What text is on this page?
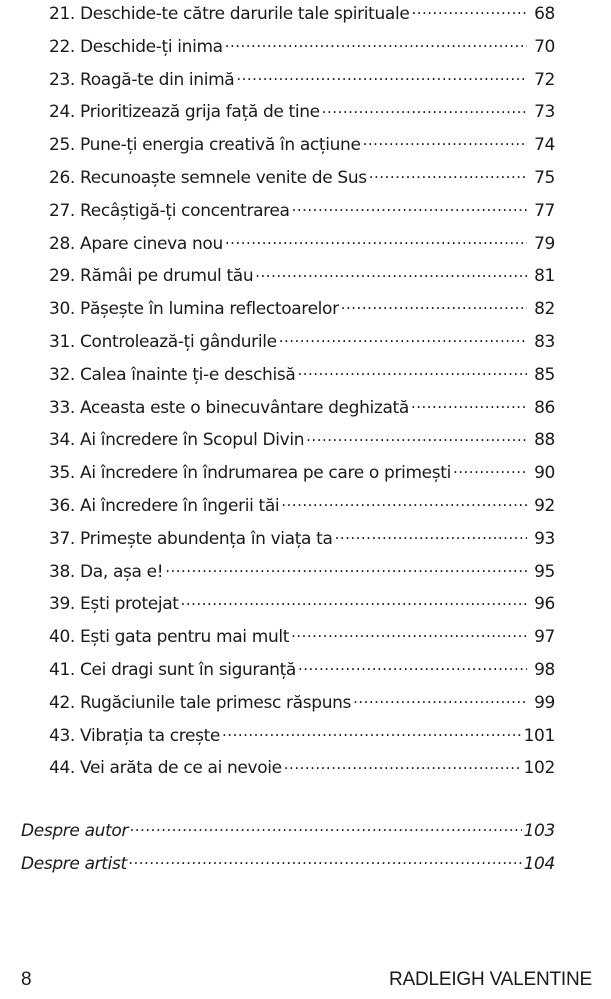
21. Deschide-te către darurile tale spirituale .....	68
22. Deschide-ți inima .....	70
23. Roagă-te din inimă .....	72
24. Prioritizează grija față de tine .....	73
25. Pune-ți energia creativă în acțiune .....	74
26. Recunoaște semnele venite de Sus .....	75
27. Recâștigă-ți concentrarea .....	77
28. Apare cineva nou .....	79
29. Rămâi pe drumul tău .....	81
30. Pășește în lumina reflectoarelor .....	82
31. Controlează-ți gândurile .....	83
32. Calea înainte ți-e deschisă .....	85
33. Aceasta este o binecuvântare deghizată .....	86
34. Ai încredere în Scopul Divin .....	88
35. Ai încredere în îndrumarea pe care o primești .....	90
36. Ai încredere în îngerii tăi .....	92
37. Primește abundența în viața ta .....	93
38. Da, așa e! .....	95
39. Ești protejat .....	96
40. Ești gata pentru mai mult .....	97
41. Cei dragi sunt în siguranță .....	98
42. Rugăciunile tale primesc răspuns .....	99
43. Vibrația ta crește .....	101
44. Vei arăta de ce ai nevoie .....	102
Despre autor .....	103
Despre artist .....	104
8	RADLEIGH VALENTINE
